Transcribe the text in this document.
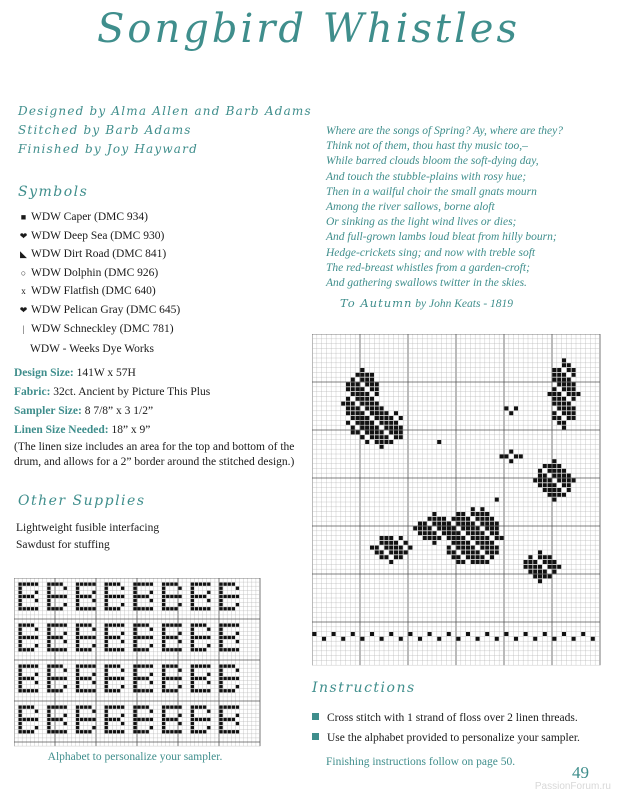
Songbird Whistles
Designed by Alma Allen and Barb Adams
Stitched by Barb Adams
Finished by Joy Hayward
Symbols
■ WDW Caper (DMC 934)
❤ WDW Deep Sea (DMC 930)
◣ WDW Dirt Road (DMC 841)
○ WDW Dolphin (DMC 926)
x WDW Flatfish (DMC 640)
❤ WDW Pelican Gray (DMC 645)
| WDW Schneckley (DMC 781)
WDW - Weeks Dye Works
Design Size: 141W x 57H
Fabric: 32ct. Ancient by Picture This Plus
Sampler Size: 8 7/8” x 3 1/2”
Linen Size Needed: 18” x 9”
(The linen size includes an area for the top and bottom of the drum, and allows for a 2” border around the stitched design.)
Other Supplies
Lightweight fusible interfacing
Sawdust for stuffing
Where are the songs of Spring? Ay, where are they?
Think not of them, thou hast thy music too,–
While barred clouds bloom the soft-dying day,
And touch the stubble-plains with rosy hue;
Then in a wailful choir the small gnats mourn
Among the river sallows, borne aloft
Or sinking as the light wind lives or dies;
And full-grown lambs loud bleat from hilly bourn;
Hedge-crickets sing; and now with treble soft
The red-breast whistles from a garden-croft;
And gathering swallows twitter in the skies.
To Autumn by John Keats - 1819
Alphabet to personalize your sampler.
Instructions
Cross stitch with 1 strand of floss over 2 linen threads.
Use the alphabet provided to personalize your sampler.
Finishing instructions follow on page 50.
49
PassionForum.ru
